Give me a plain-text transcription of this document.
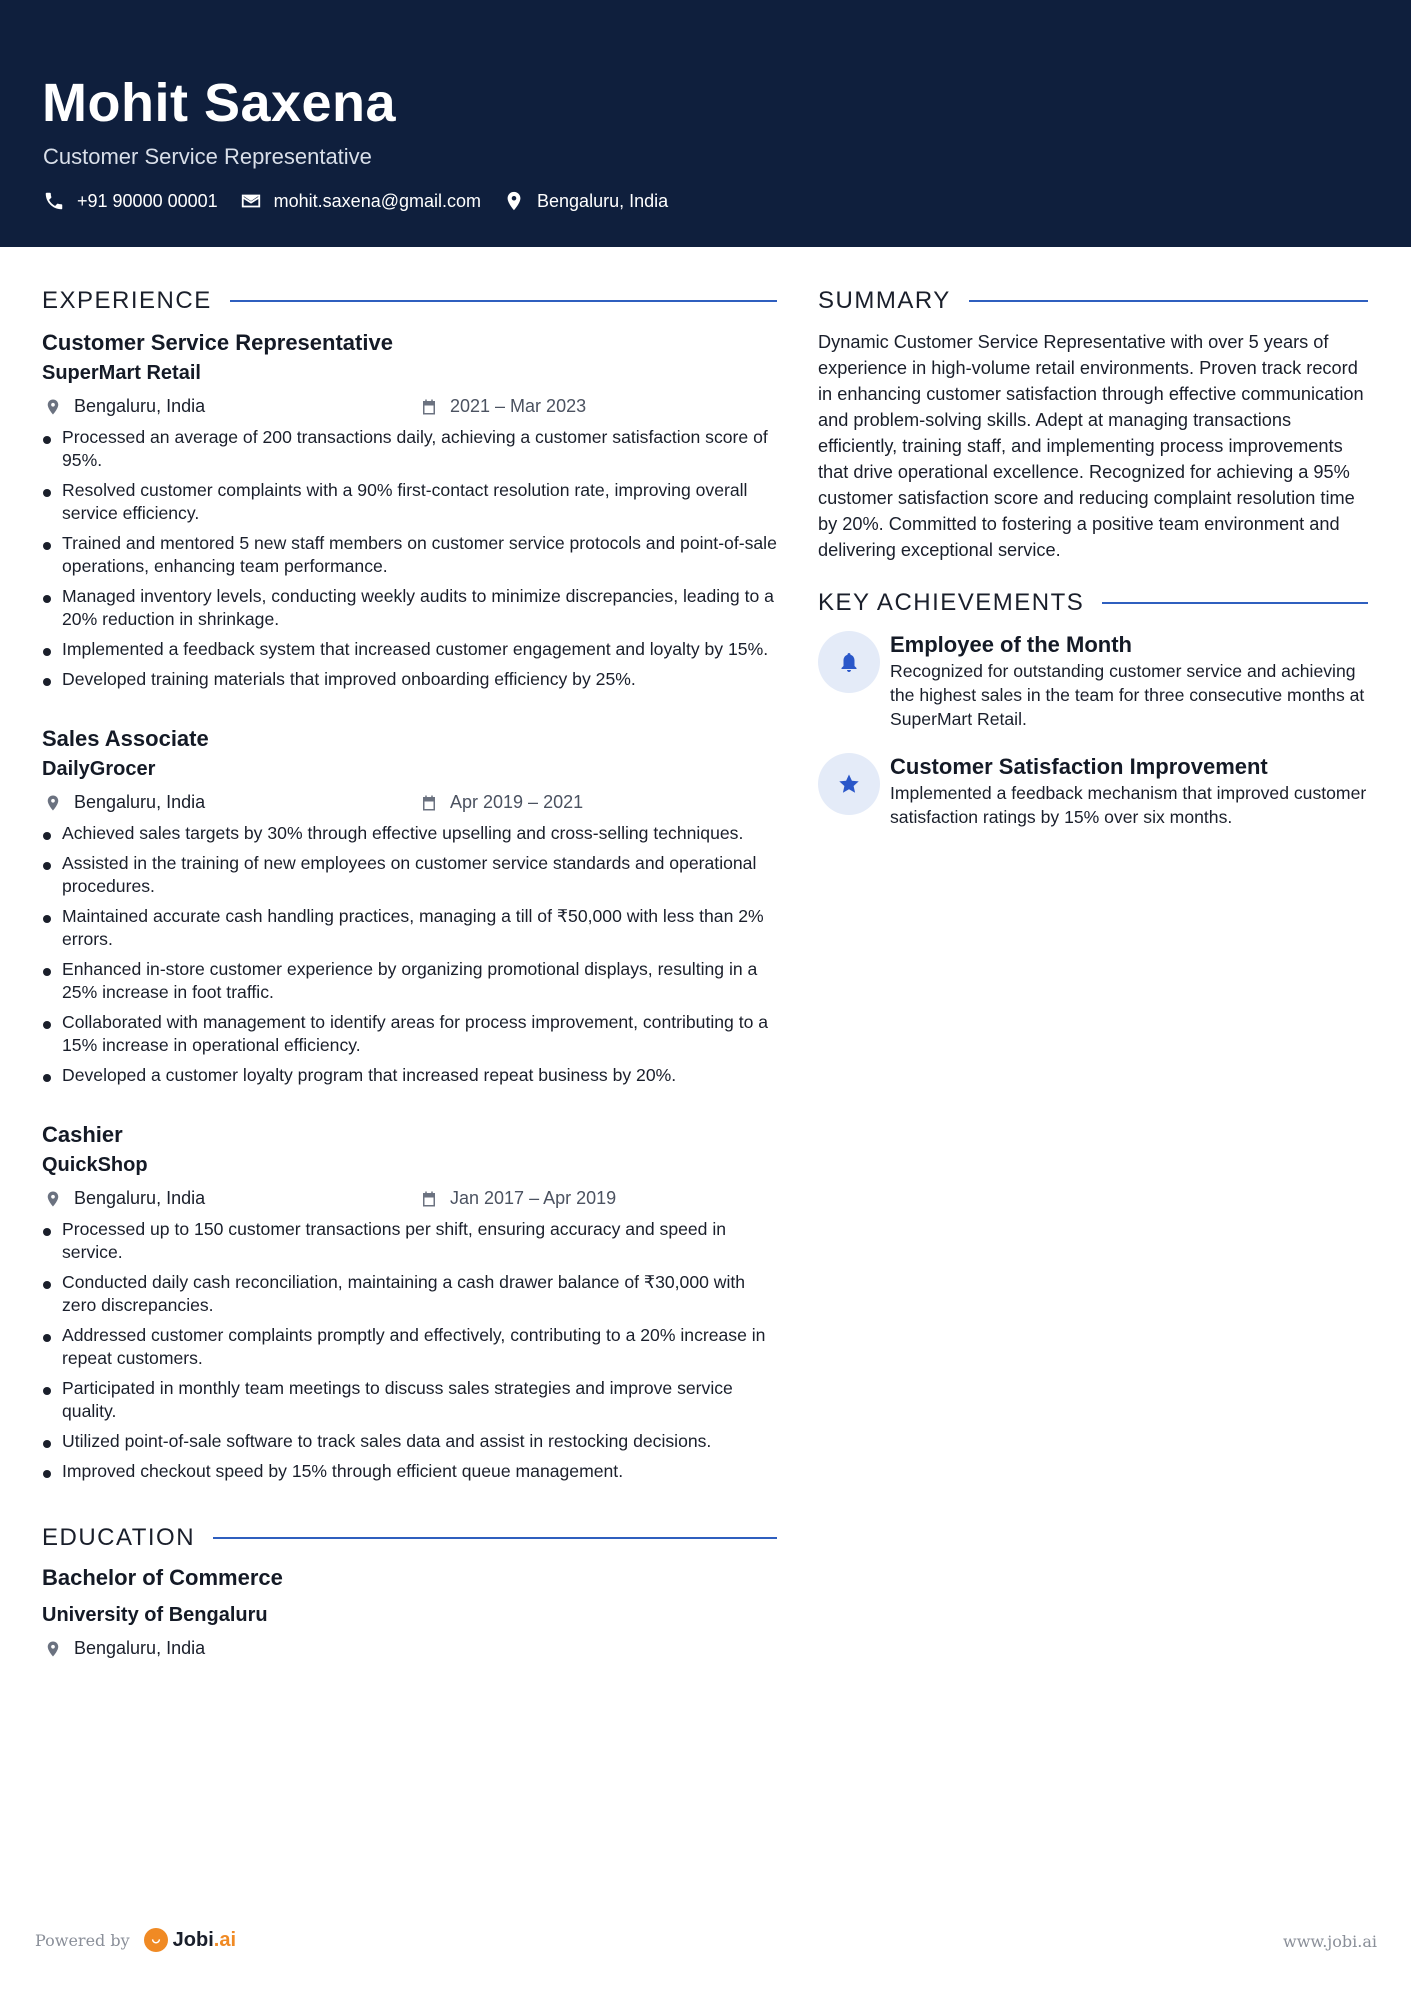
Mohit Saxena
Customer Service Representative
+91 90000 00001	mohit.saxena@gmail.com	Bengaluru, India
EXPERIENCE
Customer Service Representative
SuperMart Retail
Bengaluru, India	2021 – Mar 2023
Processed an average of 200 transactions daily, achieving a customer satisfaction score of 95%.
Resolved customer complaints with a 90% first-contact resolution rate, improving overall service efficiency.
Trained and mentored 5 new staff members on customer service protocols and point-of-sale operations, enhancing team performance.
Managed inventory levels, conducting weekly audits to minimize discrepancies, leading to a 20% reduction in shrinkage.
Implemented a feedback system that increased customer engagement and loyalty by 15%.
Developed training materials that improved onboarding efficiency by 25%.
Sales Associate
DailyGrocer
Bengaluru, India	Apr 2019 – 2021
Achieved sales targets by 30% through effective upselling and cross-selling techniques.
Assisted in the training of new employees on customer service standards and operational procedures.
Maintained accurate cash handling practices, managing a till of ₹50,000 with less than 2% errors.
Enhanced in-store customer experience by organizing promotional displays, resulting in a 25% increase in foot traffic.
Collaborated with management to identify areas for process improvement, contributing to a 15% increase in operational efficiency.
Developed a customer loyalty program that increased repeat business by 20%.
Cashier
QuickShop
Bengaluru, India	Jan 2017 – Apr 2019
Processed up to 150 customer transactions per shift, ensuring accuracy and speed in service.
Conducted daily cash reconciliation, maintaining a cash drawer balance of ₹30,000 with zero discrepancies.
Addressed customer complaints promptly and effectively, contributing to a 20% increase in repeat customers.
Participated in monthly team meetings to discuss sales strategies and improve service quality.
Utilized point-of-sale software to track sales data and assist in restocking decisions.
Improved checkout speed by 15% through efficient queue management.
EDUCATION
Bachelor of Commerce
University of Bengaluru
Bengaluru, India
SUMMARY
Dynamic Customer Service Representative with over 5 years of experience in high-volume retail environments. Proven track record in enhancing customer satisfaction through effective communication and problem-solving skills. Adept at managing transactions efficiently, training staff, and implementing process improvements that drive operational excellence. Recognized for achieving a 95% customer satisfaction score and reducing complaint resolution time by 20%. Committed to fostering a positive team environment and delivering exceptional service.
KEY ACHIEVEMENTS
Employee of the Month
Recognized for outstanding customer service and achieving the highest sales in the team for three consecutive months at SuperMart Retail.
Customer Satisfaction Improvement
Implemented a feedback mechanism that improved customer satisfaction ratings by 15% over six months.
Powered by Jobi.ai	www.jobi.ai
